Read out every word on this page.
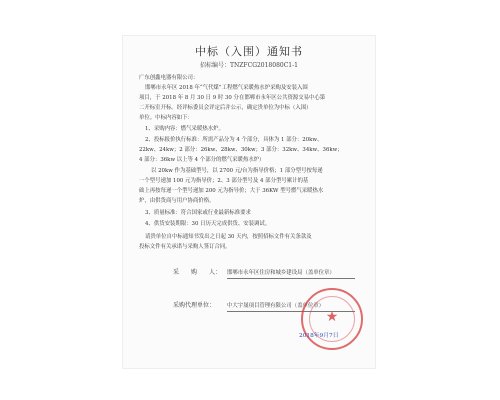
中标（入围）通知书
招标编号：TNZFCG2018080C1-1
广东创鑫电器有限公司：
邯郸市永年区 2018 年“气代煤”工程燃气采暖热水炉采购及安装入围
项目，于 2018 年 8 月 30 日 9 时 30 分在邯郸市永年区公共资源交易中心第
二开标室开标。经评标委员会评定后并公示，确定贵单位为中标（入围）
单位。中标内容如下：
1、采购内容：燃气采暖热水炉。
2、投标报价执行标准：所需产品分为 4 个部分，具体为 1 部分：20kw、
22kw、24kw；2 部分：26kw、28kw、30kw；3 部分：32kw、34kw、36kw；
4 部分：36kw 以上等 4 个部分的燃气采暖热水炉）
以 20kw 作为基础型号，以 2700 元/台为指导价格；1 部分型号按每递
一个型号递加 100 元为指导价；2、3 部分型号及 4 部分型号累计的基
础上再按每递一个型号递加 200 元为指导价；大于 36KW 型号燃气采暖热水
炉，由供货商与用户协商价格。
3、质量标准：符合国家或行业最新标准要求
4、供货安装期限：30 日历天完成供货、安装调试。
请贵单位自中标通知书发出之日起 30 天内，按照招标文件有关条款及
投标文件有关承诺与采购人签订合同。
采　　购　　人： 邯郸市永年区住房和城乡建设局（盖单位章）
采购代理单位： 中大宇晟项目管理有限公司（盖单位章）
★
2018年9月7日
